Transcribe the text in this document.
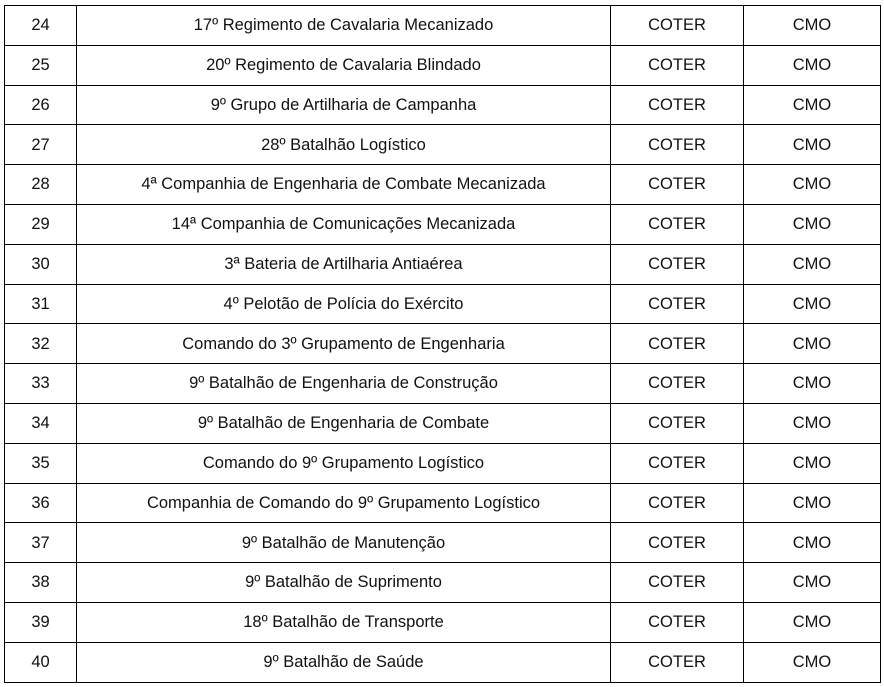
24	17º Regimento de Cavalaria Mecanizado	COTER	CMO
25	20º Regimento de Cavalaria Blindado	COTER	CMO
26	9º Grupo de Artilharia de Campanha	COTER	CMO
27	28º Batalhão Logístico	COTER	CMO
28	4ª Companhia de Engenharia de Combate Mecanizada	COTER	CMO
29	14ª Companhia de Comunicações Mecanizada	COTER	CMO
30	3ª Bateria de Artilharia Antiaérea	COTER	CMO
31	4º Pelotão de Polícia do Exército	COTER	CMO
32	Comando do 3º Grupamento de Engenharia	COTER	CMO
33	9º Batalhão de Engenharia de Construção	COTER	CMO
34	9º Batalhão de Engenharia de Combate	COTER	CMO
35	Comando do 9º Grupamento Logístico	COTER	CMO
36	Companhia de Comando do 9º Grupamento Logístico	COTER	CMO
37	9º Batalhão de Manutenção	COTER	CMO
38	9º Batalhão de Suprimento	COTER	CMO
39	18º Batalhão de Transporte	COTER	CMO
40	9º Batalhão de Saúde	COTER	CMO
